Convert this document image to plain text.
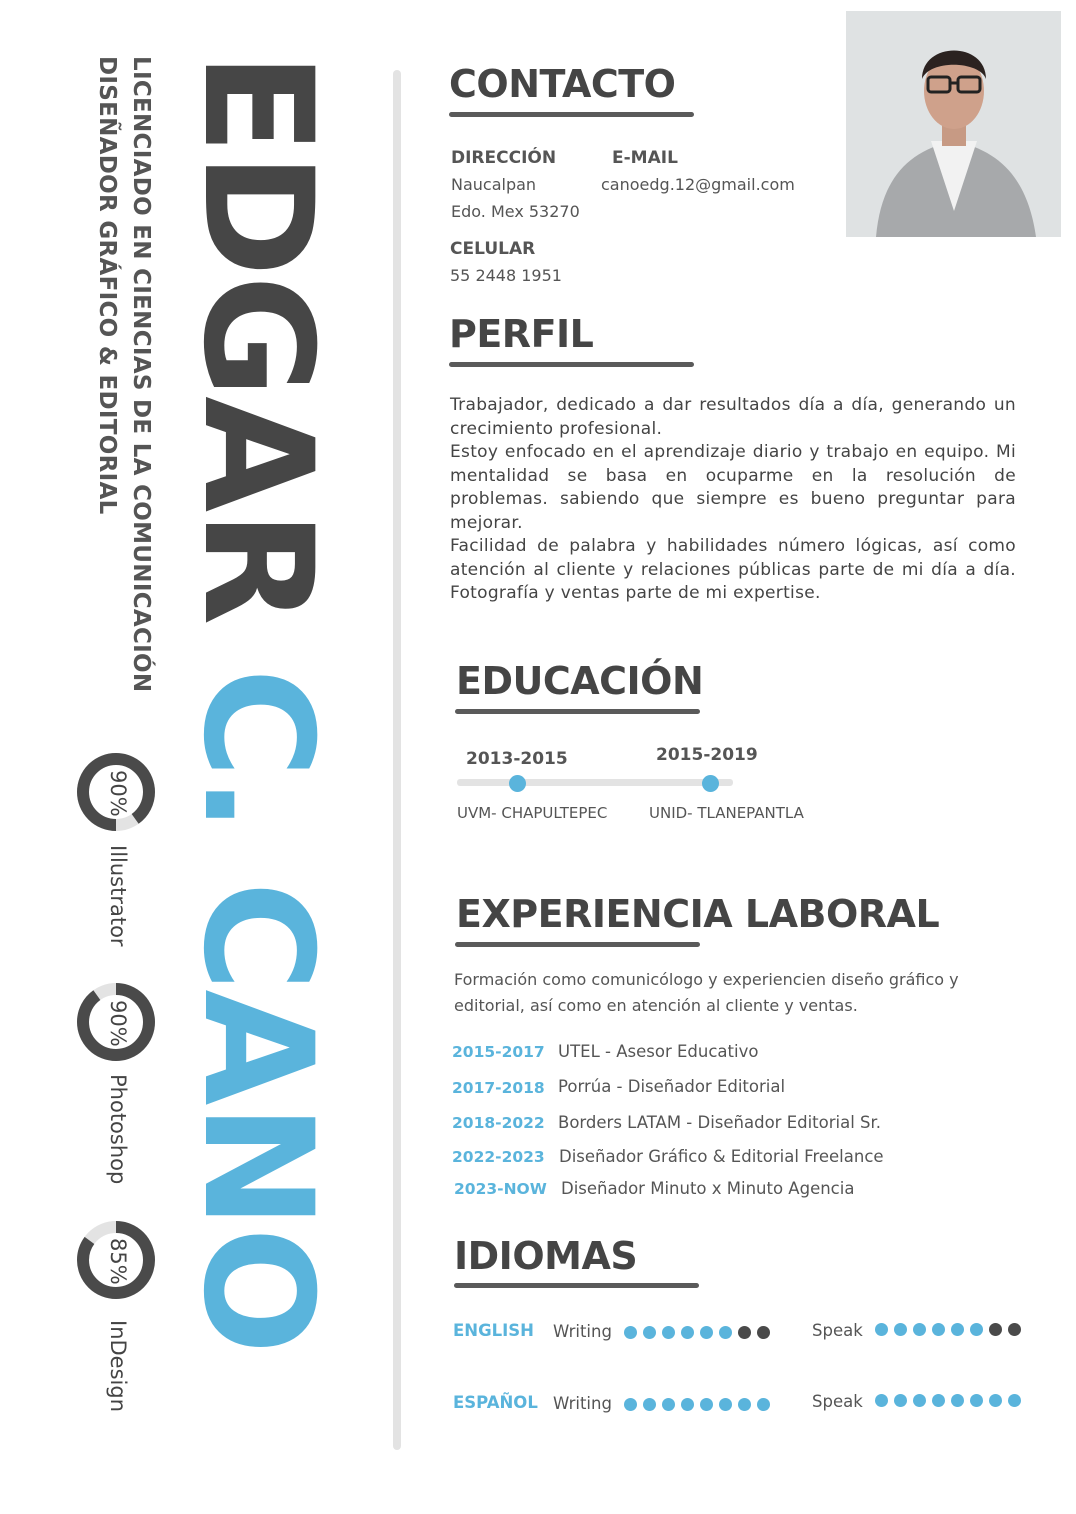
EDGAR
C. CANO
LICENCIADO EN CIENCIAS DE LA COMUNICACIÓN
DISEÑADOR GRÁFICO & EDITORIAL
90%
Illustrator
90%
Photoshop
85%
InDesign
CONTACTO
DIRECCIÓN
Naucalpan
Edo. Mex 53270
E-MAIL
canoedg.12@gmail.com
CELULAR
55 2448 1951
PERFIL

Trabajador, dedicado a dar resultados día a día, generando un crecimiento profesional.

Estoy enfocado en el aprendizaje diario y trabajo en equipo. Mi mentalidad se basa en ocuparme en la resolución de problemas. sabiendo que siempre es bueno preguntar para mejorar.

Facilidad de palabra y habilidades número lógicas, así como atención al cliente y relaciones públicas parte de mi día a día. Fotografía y ventas parte de mi expertise.

EDUCACIÓN
2013-2015	2015-2019
UVM- CHAPULTEPEC	UNID- TLANEPANTLA
EXPERIENCIA LABORAL
Formación como comunicólogo y experiencien diseño gráfico y editorial, así como en atención al cliente y ventas.
2015-2017 UTEL - Asesor Educativo
2017-2018 Porrúa - Diseñador Editorial
2018-2022 Borders LATAM - Diseñador Editorial Sr.
2022-2023 Diseñador Gráfico & Editorial Freelance
2023-NOW Diseñador Minuto x Minuto Agencia
IDIOMAS
ENGLISH Writing	Speak
ESPAÑOL Writing	Speak
